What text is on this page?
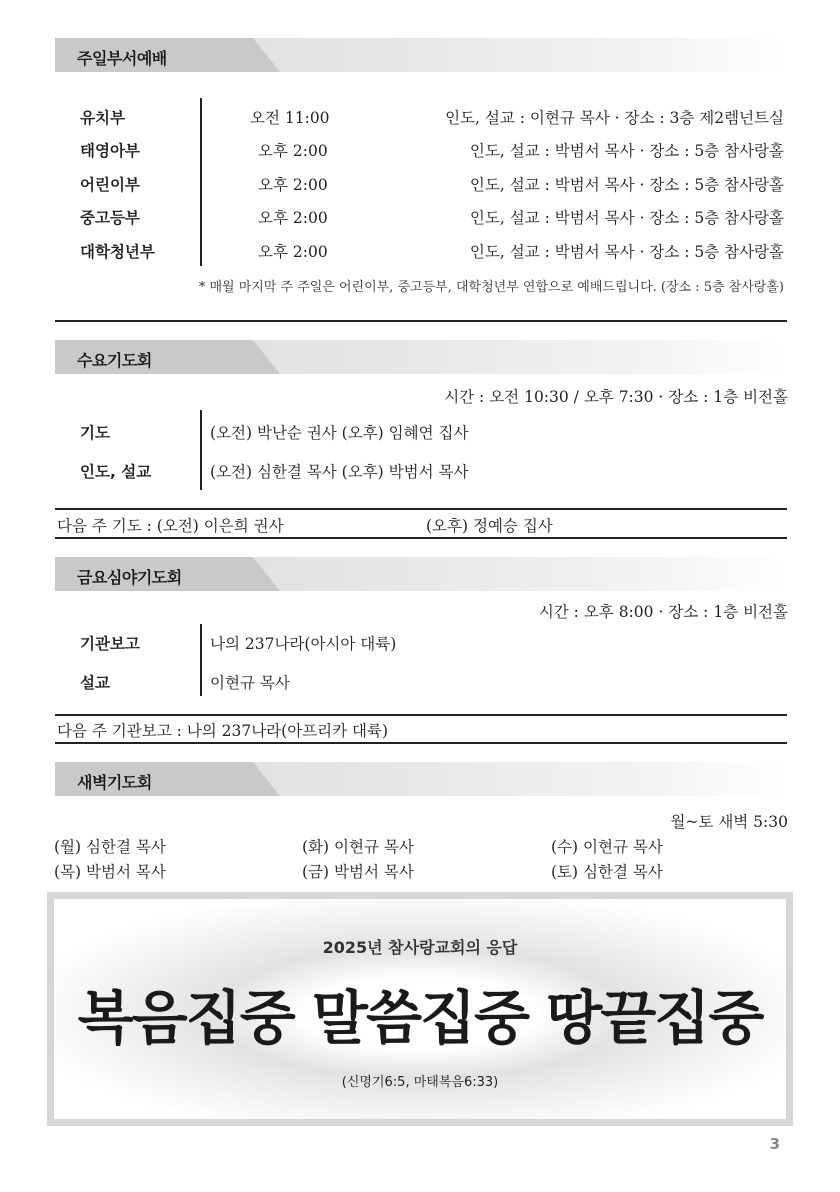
주일부서예배
유치부	오전 11:00	인도, 설교 : 이현규 목사 · 장소 : 3층 제2렘넌트실
태영아부	오후 2:00	인도, 설교 : 박범서 목사 · 장소 : 5층 참사랑홀
어린이부	오후 2:00	인도, 설교 : 박범서 목사 · 장소 : 5층 참사랑홀
중고등부	오후 2:00	인도, 설교 : 박범서 목사 · 장소 : 5층 참사랑홀
대학청년부	오후 2:00	인도, 설교 : 박범서 목사 · 장소 : 5층 참사랑홀
* 매월 마지막 주 주일은 어린이부, 중고등부, 대학청년부 연합으로 예배드립니다. (장소 : 5층 참사랑홀)
수요기도회
시간 : 오전 10:30 / 오후 7:30 · 장소 : 1층 비전홀
기도	(오전) 박난순 권사 (오후) 임혜연 집사
인도, 설교	(오전) 심한결 목사 (오후) 박범서 목사
다음 주 기도 : (오전) 이은희 권사	(오후) 정예승 집사
금요심야기도회
시간 : 오후 8:00 · 장소 : 1층 비전홀
기관보고	나의 237나라(아시아 대륙)
설교	이현규 목사
다음 주 기관보고 : 나의 237나라(아프리카 대륙)
새벽기도회
월~토 새벽 5:30
(월) 심한결 목사	(화) 이현규 목사	(수) 이현규 목사
(목) 박범서 목사	(금) 박범서 목사	(토) 심한결 목사
2025년 참사랑교회의 응답
복음집중 말씀집중 땅끝집중
(신명기6:5, 마태복음6:33)
3
